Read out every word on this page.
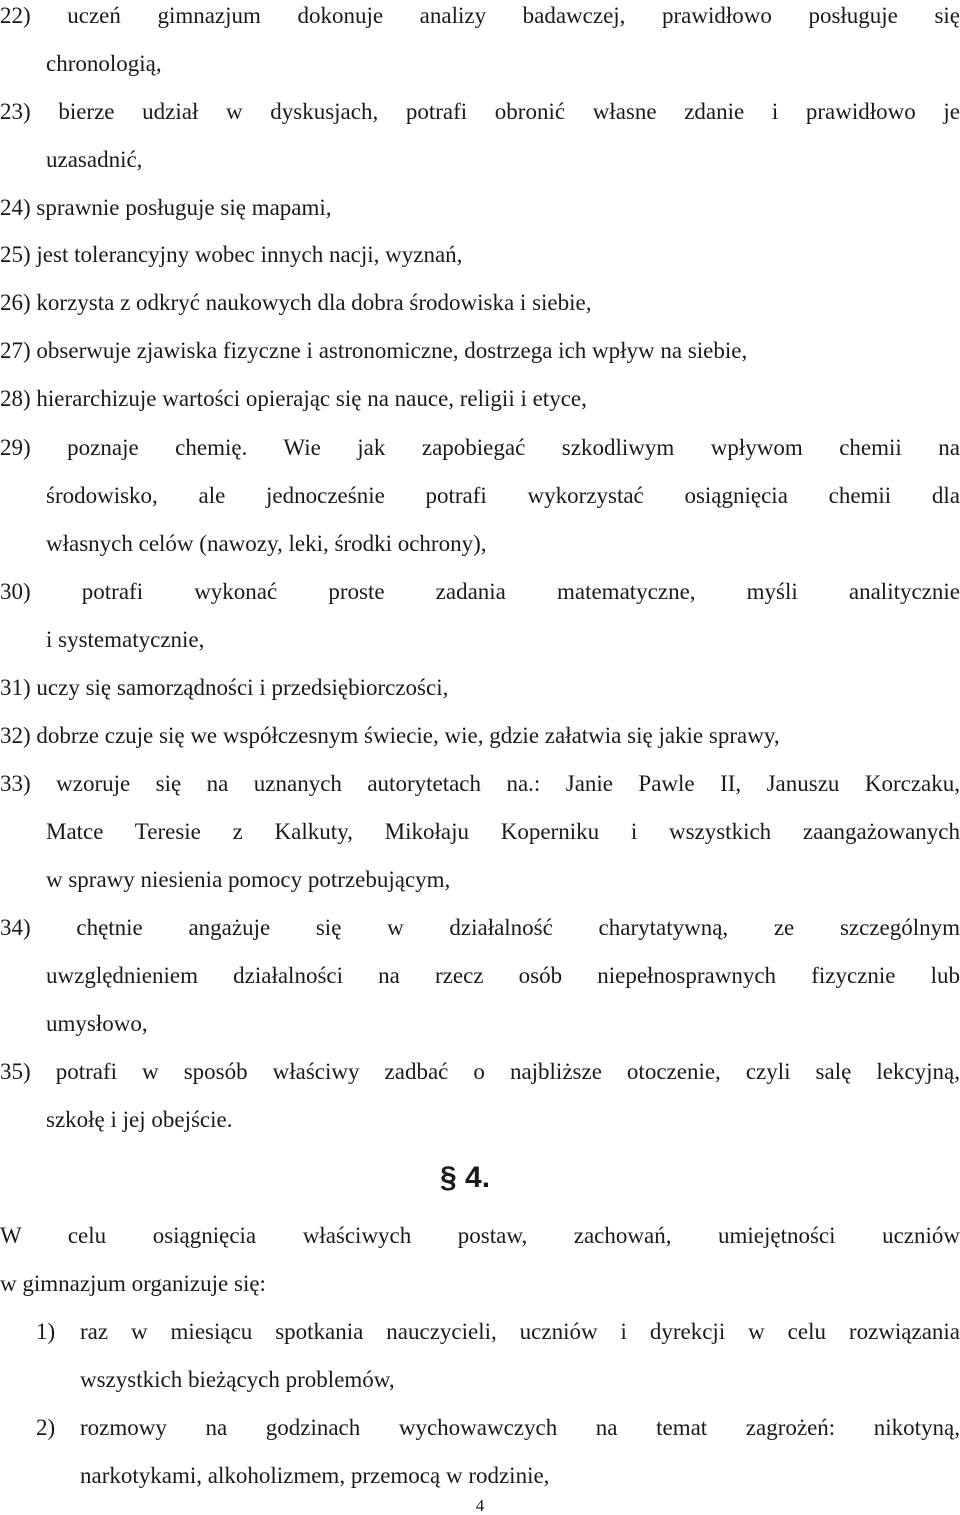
22) uczeń gimnazjum dokonuje analizy badawczej, prawidłowo posługuje się
chronologią,
23) bierze udział w dyskusjach, potrafi obronić własne zdanie i prawidłowo je
uzasadnić,
24) sprawnie posługuje się mapami,
25) jest tolerancyjny wobec innych nacji, wyznań,
26) korzysta z odkryć naukowych dla dobra środowiska i siebie,
27) obserwuje zjawiska fizyczne i astronomiczne, dostrzega ich wpływ na siebie,
28) hierarchizuje wartości opierając się na nauce, religii i etyce,
29) poznaje chemię. Wie jak zapobiegać szkodliwym wpływom chemii na
środowisko, ale jednocześnie potrafi wykorzystać osiągnięcia chemii dla
własnych celów (nawozy, leki, środki ochrony),
30) potrafi wykonać proste zadania matematyczne, myśli analitycznie
i systematycznie,
31) uczy się samorządności i przedsiębiorczości,
32) dobrze czuje się we współczesnym świecie, wie, gdzie załatwia się jakie sprawy,
33) wzoruje się na uznanych autorytetach na.: Janie Pawle II, Januszu Korczaku,
Matce Teresie z Kalkuty, Mikołaju Koperniku i wszystkich zaangażowanych
w sprawy niesienia pomocy potrzebującym,
34) chętnie angażuje się w działalność charytatywną, ze szczególnym
uwzględnieniem działalności na rzecz osób niepełnosprawnych fizycznie lub
umysłowo,
35) potrafi w sposób właściwy zadbać o najbliższe otoczenie, czyli salę lekcyjną,
szkołę i jej obejście.
§ 4.
W celu osiągnięcia właściwych postaw, zachowań, umiejętności uczniów
w gimnazjum organizuje się:
1) raz w miesiącu spotkania nauczycieli, uczniów i dyrekcji w celu rozwiązania
wszystkich bieżących problemów,
2) rozmowy na godzinach wychowawczych na temat zagrożeń: nikotyną,
narkotykami, alkoholizmem, przemocą w rodzinie,
4
